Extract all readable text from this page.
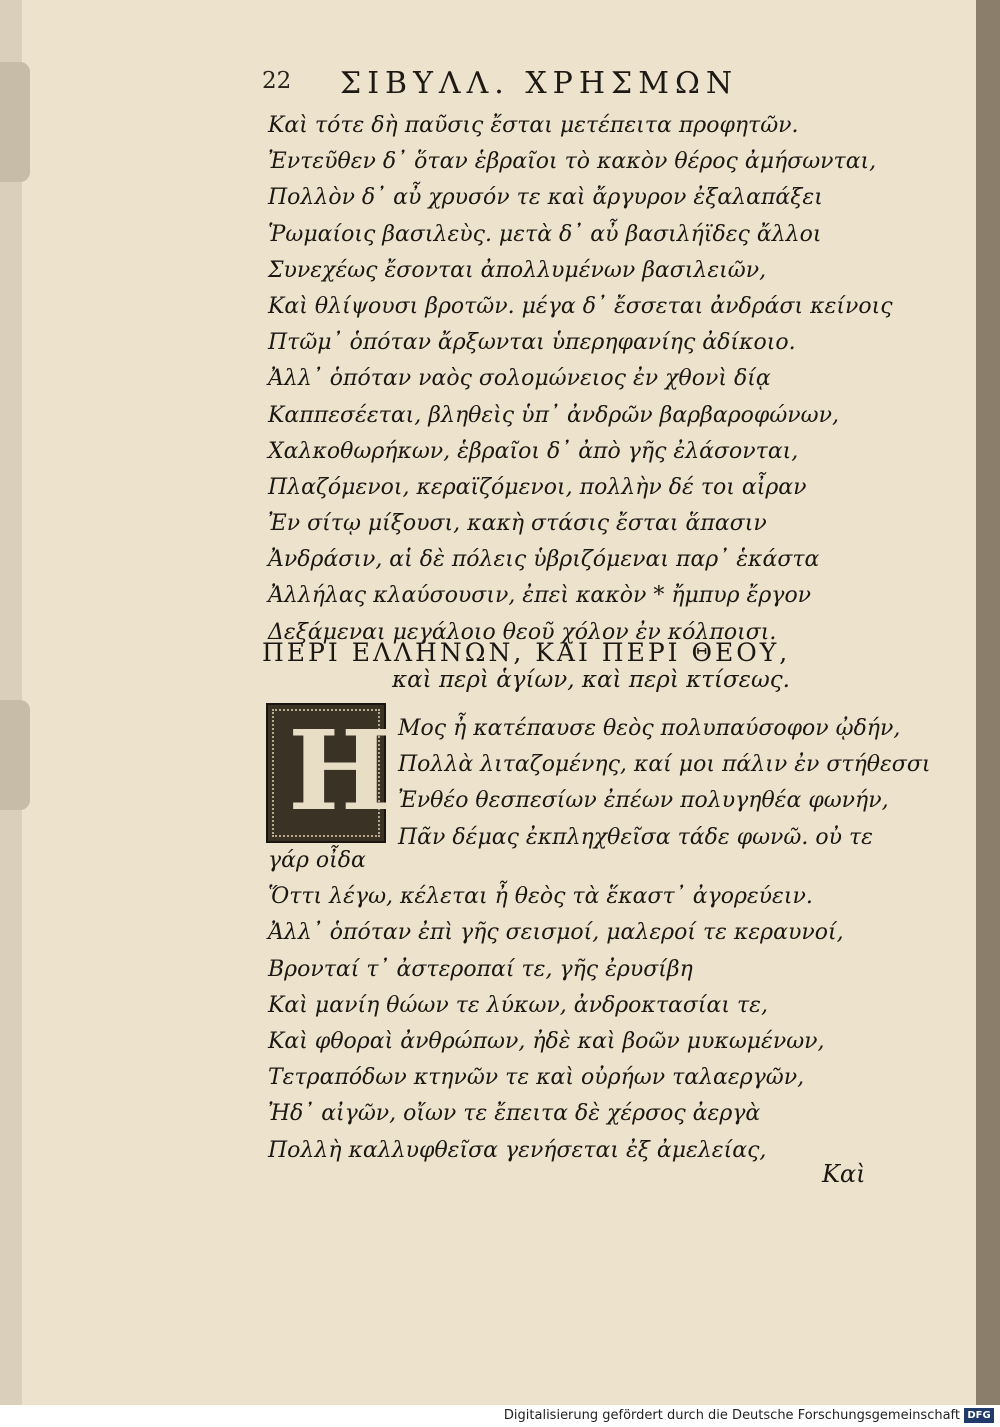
22 ΣΙΒΥΛΛ. ΧΡΗΣΜΩΝ
Καὶ τότε δὴ παῦσις ἔσται μετέπειτα προφητῶν.
Ἐντεῦθεν δ᾽ ὅταν ἑβραῖοι τὸ κακὸν θέρος ἀμήσωνται,
Πολλὸν δ᾽ αὖ χρυσόν τε καὶ ἄργυρον ἐξαλαπάξει
Ῥωμαίοις βασιλεὺς. μετὰ δ᾽ αὖ βασιλήϊδες ἄλλοι
Συνεχέως ἔσονται ἀπολλυμένων βασιλειῶν,
Καὶ θλίψουσι βροτῶν. μέγα δ᾽ ἔσσεται ἀνδράσι κείνοις
Πτῶμ᾽ ὁπόταν ἄρξωνται ὑπερηφανίης ἀδίκοιο.
Ἀλλ᾽ ὁπόταν ναὸς σολομώνειος ἐν χθονὶ δίᾳ
Καππεσέεται, βληθεὶς ὑπ᾽ ἀνδρῶν βαρβαροφώνων,
Χαλκοθωρήκων, ἑβραῖοι δ᾽ ἀπὸ γῆς ἐλάσονται,
Πλαζόμενοι, κεραϊζόμενοι, πολλὴν δέ τοι αἶραν
Ἐν σίτῳ μίξουσι, κακὴ στάσις ἔσται ἅπασιν
Ἀνδράσιν, αἱ δὲ πόλεις ὑβριζόμεναι παρ᾽ ἑκάστα
Ἀλλήλας κλαύσουσιν, ἐπεὶ κακὸν * ἤμπυρ ἔργον
Δεξάμεναι μεγάλοιο θεοῦ χόλον ἐν κόλποισι.
ΠΕΡΙ ΕΛΛΗΝΩΝ, ΚΑΙ ΠΕΡΙ ΘΕΟΥ,
καὶ περὶ ἁγίων, καὶ περὶ κτίσεως.
Η Μος ἦ κατέπαυσε θεὸς πολυπαύσοφον ᾠδήν,
Πολλὰ λιταζομένης, καί μοι πάλιν ἐν στήθεσσι
Ἐνθέο θεσπεσίων ἐπέων πολυγηθέα φωνήν,
Πᾶν δέμας ἐκπληχθεῖσα τάδε φωνῶ. οὐ τε
γάρ οἶδα
Ὅττι λέγω, κέλεται ἦ θεὸς τὰ ἕκαστ᾽ ἀγορεύειν.
Ἀλλ᾽ ὁπόταν ἐπὶ γῆς σεισμοί, μαλεροί τε κεραυνοί,
Βρονταί τ᾽ ἀστεροπαί τε, γῆς ἐρυσίβη
Καὶ μανίη θώων τε λύκων, ἀνδροκτασίαι τε,
Καὶ φθοραὶ ἀνθρώπων, ἠδὲ καὶ βοῶν μυκωμένων,
Τετραπόδων κτηνῶν τε καὶ οὐρήων ταλαεργῶν,
Ἠδ᾽ αἰγῶν, οἴων τε ἔπειτα δὲ χέρσος ἀεργὰ
Πολλὴ καλλυφθεῖσα γενήσεται ἐξ ἀμελείας,
Καὶ
Digitalisierung gefördert durch die Deutsche Forschungsgemeinschaft DFG
